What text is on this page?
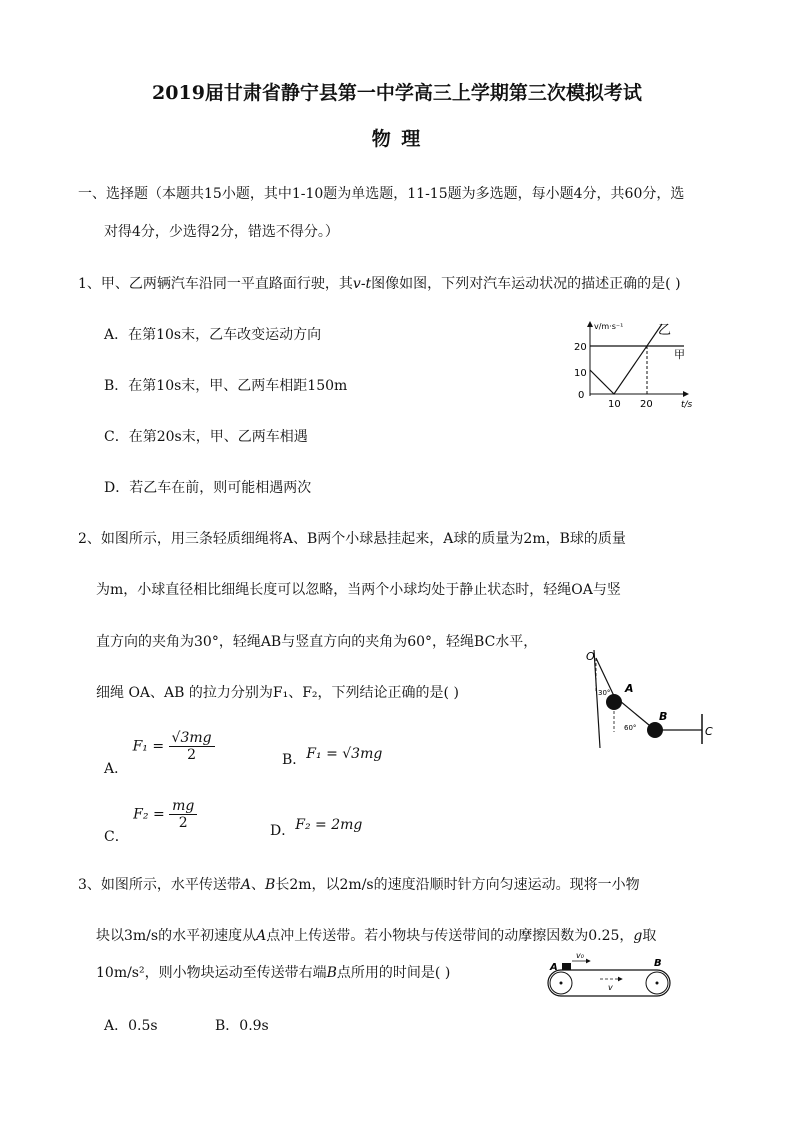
2019届甘肃省静宁县第一中学高三上学期第三次模拟考试
物 理
一、选择题（本题共15小题，其中1-10题为单选题，11-15题为多选题，每小题4分，共60分，选
对得4分，少选得2分，错选不得分。）
1、甲、乙两辆汽车沿同一平直路面行驶，其v-t图像如图，下列对汽车运动状况的描述正确的是( )
A．在第10s末，乙车改变运动方向
B．在第10s末，甲、乙两车相距150m
C．在第20s末，甲、乙两车相遇
D．若乙车在前，则可能相遇两次
v/m·s⁻¹
t/s
20
10
0
10 20
乙
甲
2、如图所示，用三条轻质细绳将A、B两个小球悬挂起来，A球的质量为2m，B球的质量
为m，小球直径相比细绳长度可以忽略，当两个小球均处于静止状态时，轻绳OA与竖
直方向的夹角为30°，轻绳AB与竖直方向的夹角为60°，轻绳BC水平，
细绳 OA、AB 的拉力分别为F₁、F₂，下列结论正确的是( )
A． $F_1 = \frac{√3mg}{2}$	B．F₁ = √3mg
C． $F_2 = \frac{mg}{2}$	D．F₂ = 2mg
O
A
B
C
30°
60°
3、如图所示，水平传送带A、B长2m，以2m/s的速度沿顺时针方向匀速运动。现将一小物
块以3m/s的水平初速度从A点冲上传送带。若小物块与传送带间的动摩擦因数为0.25，g取
10m/s²，则小物块运动至传送带右端B点所用的时间是( )
A．0.5s	B．0.9s
v₀
v
A	B
